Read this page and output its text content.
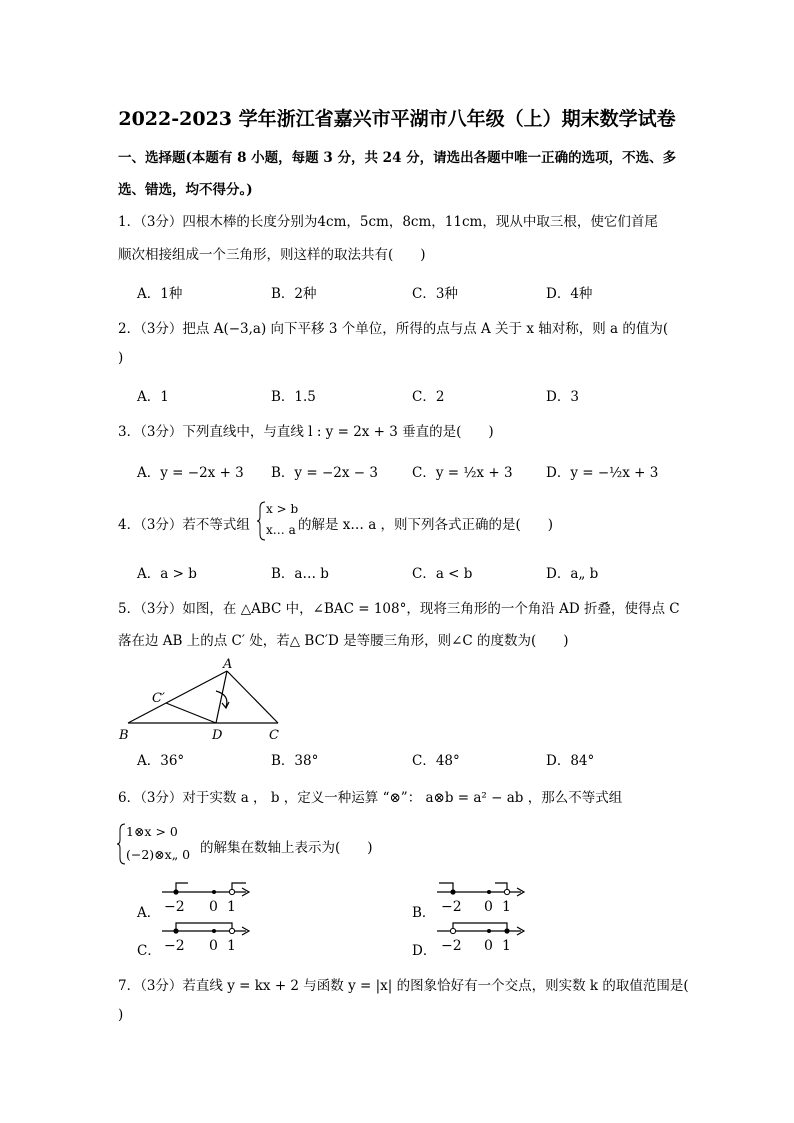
2022-2023 学年浙江省嘉兴市平湖市八年级（上）期末数学试卷
一、选择题(本题有 8 小题，每题 3 分，共 24 分，请选出各题中唯一正确的选项，不选、多
选、错选，均不得分。)
1．（3分）四根木棒的长度分别为4cm，5cm，8cm，11cm，现从中取三根，使它们首尾
顺次相接组成一个三角形，则这样的取法共有(　　)
A．1种	B．2种	C．3种	D．4种
2．（3分）把点 A(−3,a) 向下平移 3 个单位，所得的点与点 A 关于 x 轴对称，则 a 的值为(
)
A．1	B．1.5	C．2	D．3
3．（3分）下列直线中，与直线 l : y = 2x + 3 垂直的是(　　)
A．y = −2x + 3 B．y = −2x − 3	C．y = ½x + 3 D．y = −½x + 3
4．（3分）若不等式组
x > b
x… a 的解是 x… a ，则下列各式正确的是(　　)
A．a > b	B．a… b	C．a < b	D．a„ b
5．（3分）如图，在 △ABC 中，∠BAC = 108°，现将三角形的一个角沿 AD 折叠，使得点 C
落在边 AB 上的点 C′ 处，若△ BC′D 是等腰三角形，则∠C 的度数为(　　)
A
C′
B	D	C
A．36°	B．38°	C．48°	D．84°
6．（3分）对于实数 a ， b ，定义一种运算 “⊗”： a⊗b = a² − ab ，那么不等式组
1⊗x > 0
(−2)⊗x„ 0 的解集在数轴上表示为(　　)
A． −2 0 1	B． −2 0 1
C． −2 0 1	D． −2 0 1
7．（3分）若直线 y = kx + 2 与函数 y = |x| 的图象恰好有一个交点，则实数 k 的取值范围是(
)
